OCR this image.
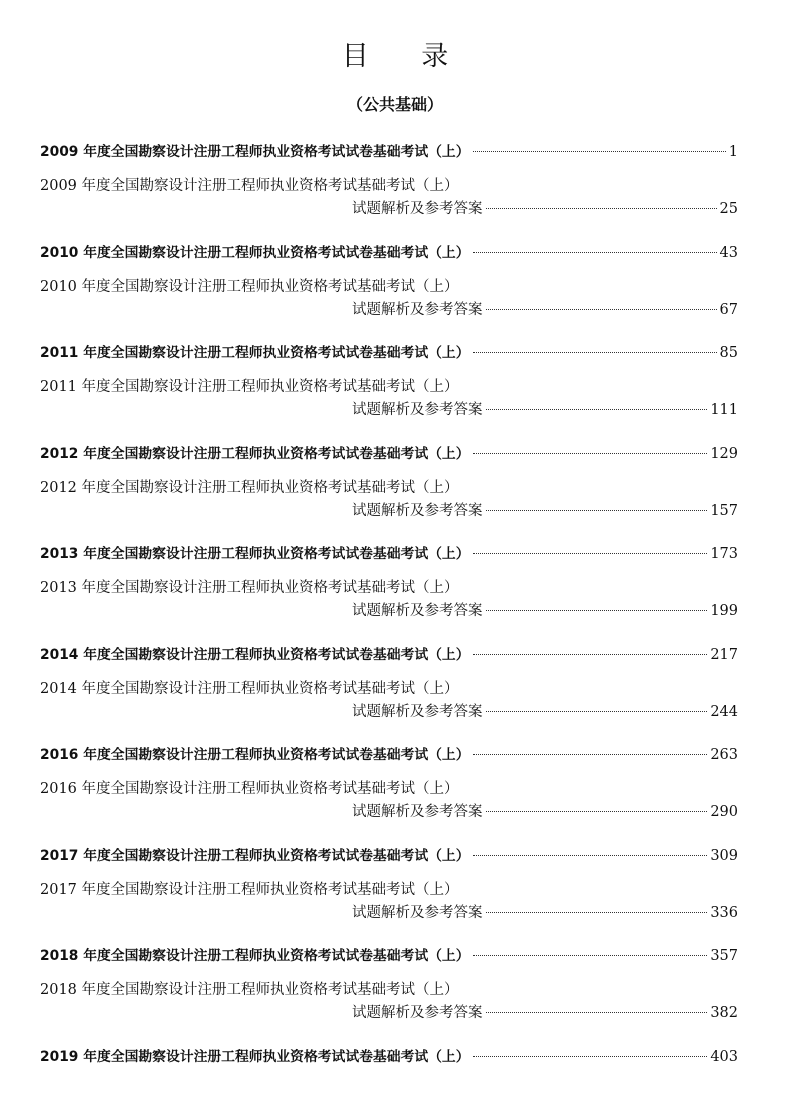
目 录
（公共基础）
2009 年度全国勘察设计注册工程师执业资格考试试卷基础考试（上）	1
2009 年度全国勘察设计注册工程师执业资格考试基础考试（上）
试题解析及参考答案	25
2010 年度全国勘察设计注册工程师执业资格考试试卷基础考试（上）	43
2010 年度全国勘察设计注册工程师执业资格考试基础考试（上）
试题解析及参考答案	67
2011 年度全国勘察设计注册工程师执业资格考试试卷基础考试（上）	85
2011 年度全国勘察设计注册工程师执业资格考试基础考试（上）
试题解析及参考答案	111
2012 年度全国勘察设计注册工程师执业资格考试试卷基础考试（上）	129
2012 年度全国勘察设计注册工程师执业资格考试基础考试（上）
试题解析及参考答案	157
2013 年度全国勘察设计注册工程师执业资格考试试卷基础考试（上）	173
2013 年度全国勘察设计注册工程师执业资格考试基础考试（上）
试题解析及参考答案	199
2014 年度全国勘察设计注册工程师执业资格考试试卷基础考试（上）	217
2014 年度全国勘察设计注册工程师执业资格考试基础考试（上）
试题解析及参考答案	244
2016 年度全国勘察设计注册工程师执业资格考试试卷基础考试（上）	263
2016 年度全国勘察设计注册工程师执业资格考试基础考试（上）
试题解析及参考答案	290
2017 年度全国勘察设计注册工程师执业资格考试试卷基础考试（上）	309
2017 年度全国勘察设计注册工程师执业资格考试基础考试（上）
试题解析及参考答案	336
2018 年度全国勘察设计注册工程师执业资格考试试卷基础考试（上）	357
2018 年度全国勘察设计注册工程师执业资格考试基础考试（上）
试题解析及参考答案	382
2019 年度全国勘察设计注册工程师执业资格考试试卷基础考试（上）	403
